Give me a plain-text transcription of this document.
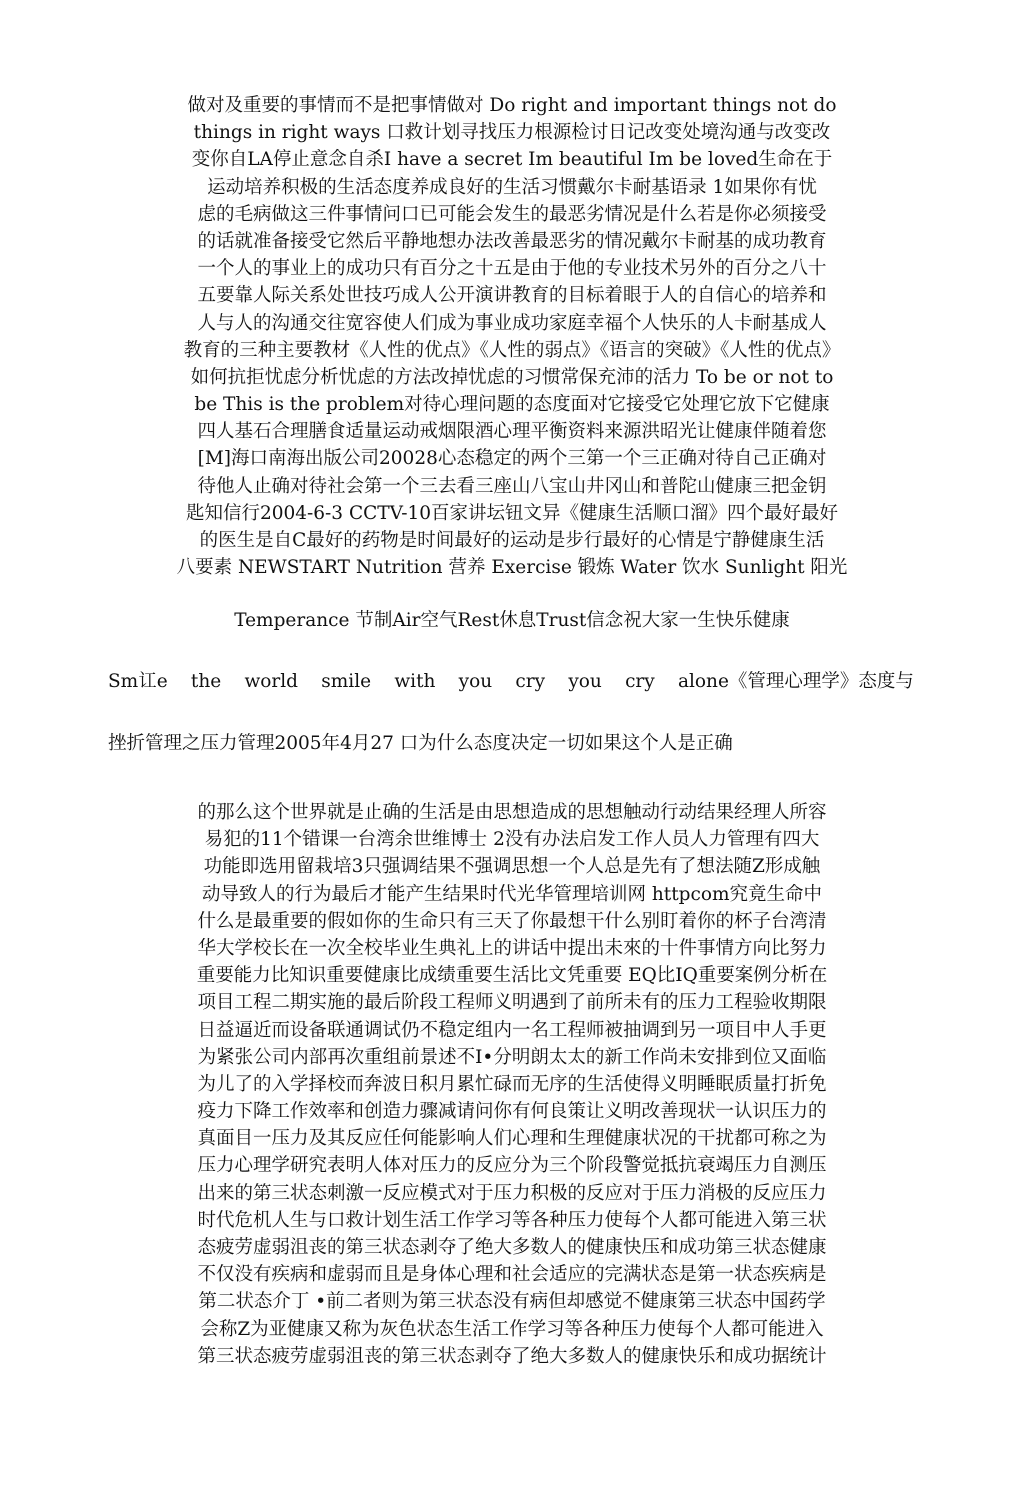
做对及重要的事情而不是把事情做对 Do right and important things not do
things in right ways 口救计划寻找压力根源检讨日记改变处境沟通与改变改
变你自LA停止意念自杀I have a secret Im beautiful Im be loved生命在于
运动培养积极的生活态度养成良好的生活习惯戴尔卡耐基语录 1如果你有忧
虑的毛病做这三件事情问口已可能会发生的最恶劣情况是什么若是你必须接受
的话就准备接受它然后平静地想办法改善最恶劣的情况戴尔卡耐基的成功教育
一个人的事业上的成功只有百分之十五是由于他的专业技术另外的百分之八十
五要靠人际关系处世技巧成人公开演讲教育的目标着眼于人的自信心的培养和
人与人的沟通交往宽容使人们成为事业成功家庭幸福个人快乐的人卡耐基成人
教育的三种主要教材《人性的优点》《人性的弱点》《语言的突破》《人性的优点》
如何抗拒忧虑分析忧虑的方法改掉忧虑的习惯常保充沛的活力 To be or not to
be This is the problem对待心理问题的态度面对它接受它处理它放下它健康
四人基石合理膳食适量运动戒烟限酒心理平衡资料来源洪昭光让健康伴随着您
[M]海口南海出版公司20028心态稳定的两个三第一个三正确对待自己正确对
待他人止确对待社会第一个三去看三座山八宝山井冈山和普陀山健康三把金钥
匙知信行2004-6-3 CCTV-10百家讲坛钮文异《健康生活顺口溜》四个最好最好
的医生是自C最好的药物是时间最好的运动是步行最好的心情是宁静健康生活
八要素 NEWSTART Nutrition 营养 Exercise 锻炼 Water 饮水 Sunlight 阳光
Temperance 节制Air空气Rest休息Trust信念祝大家一生快乐健康
Sm讧e the world smile with you cry you cry alone《管理心理学》态度与
挫折管理之压力管理2005年4月27 口为什么态度决定一切如果这个人是正确
的那么这个世界就是止确的生活是由思想造成的思想触动行动结果经理人所容
易犯的11个错课一台湾余世维博士 2没有办法启发工作人员人力管理有四大
功能即选用留栽培3只强调结果不强调思想一个人总是先有了想法随Z形成触
动导致人的行为最后才能产生结果时代光华管理培训网 httpcom究竟生命中
什么是最重要的假如你的生命只有三天了你最想干什么别盯着你的杯子台湾清
华大学校长在一次全校毕业生典礼上的讲话中提出未來的十件事情方向比努力
重要能力比知识重要健康比成绩重要生活比文凭重要 EQ比IQ重要案例分析在
项目工程二期实施的最后阶段工程师义明遇到了前所未有的压力工程验收期限
日益逼近而设备联通调试仍不稳定组内一名工程师被抽调到另一项目中人手更
为紧张公司内部再次重组前景述不I•分明朗太太的新工作尚未安排到位又面临
为儿了的入学择校而奔波日积月累忙碌而无序的生活使得义明睡眠质量打折免
疫力下降工作效率和创造力骤减请问你有何良策让义明改善现状一认识压力的
真面目一压力及其反应任何能影响人们心理和生理健康状况的干扰都可称之为
压力心理学研究表明人体对压力的反应分为三个阶段警觉抵抗衰竭压力自测压
出来的第三状态刺激一反应模式对于压力积极的反应对于压力消极的反应压力
时代危机人生与口救计划生活工作学习等各种压力使每个人都可能进入第三状
态疲劳虚弱沮丧的第三状态剥夺了绝大多数人的健康快压和成功第三状态健康
不仅没有疾病和虚弱而且是身体心理和社会适应的完满状态是第一状态疾病是
第二状态介丁 •前二者则为第三状态没有病但却感觉不健康第三状态中国药学
会称Z为亚健康又称为灰色状态生活工作学习等各种压力使每个人都可能进入
第三状态疲劳虚弱沮丧的第三状态剥夺了绝大多数人的健康快乐和成功据统计
